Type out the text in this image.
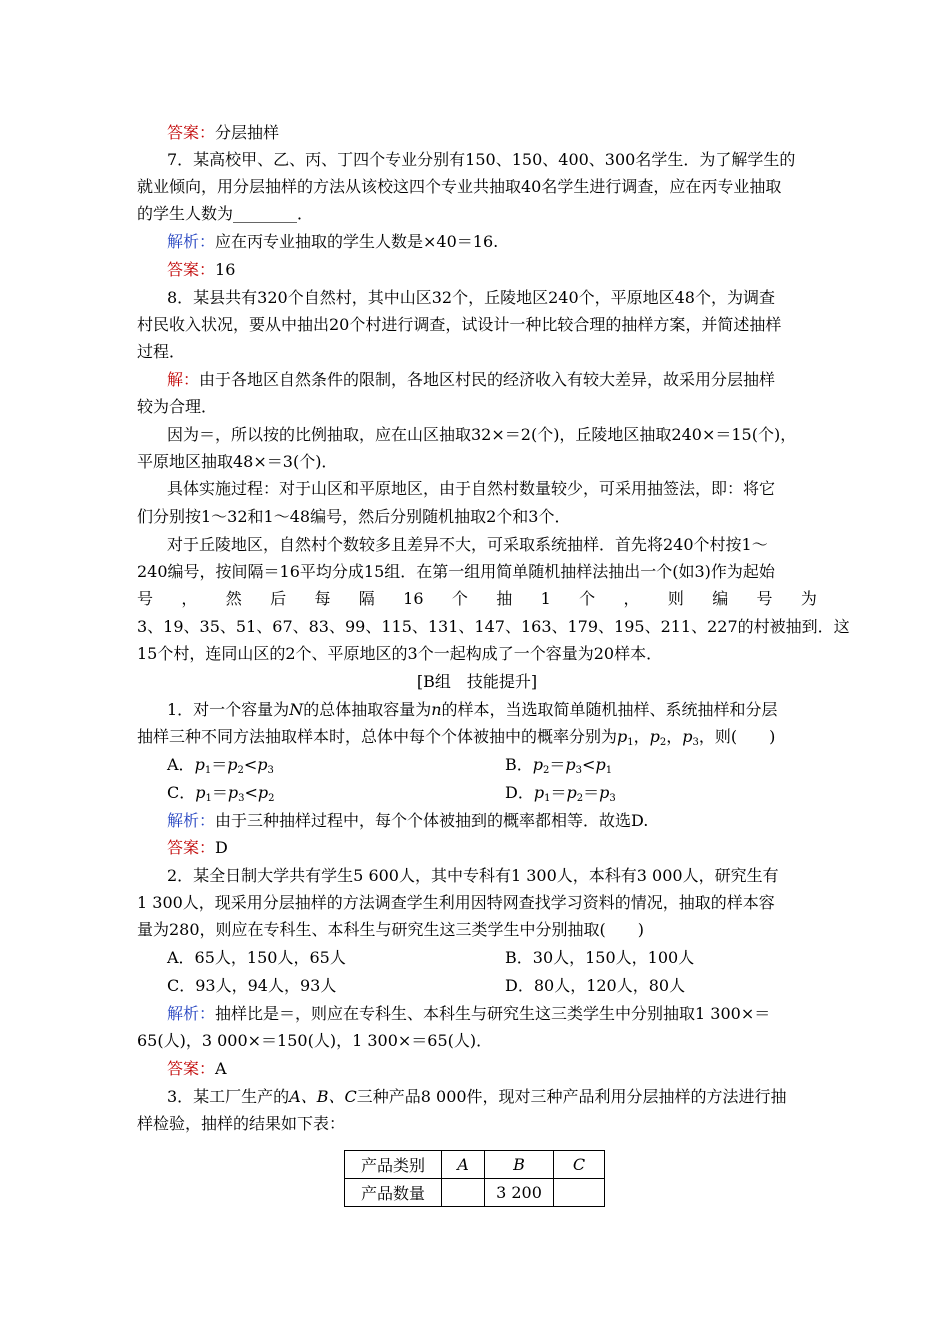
答案：分层抽样
7．某高校甲、乙、丙、丁四个专业分别有150、150、400、300名学生．为了解学生的
就业倾向，用分层抽样的方法从该校这四个专业共抽取40名学生进行调查，应在丙专业抽取
的学生人数为________．
解析：应在丙专业抽取的学生人数是×40＝16.
答案：16
8．某县共有320个自然村，其中山区32个，丘陵地区240个，平原地区48个，为调查
村民收入状况，要从中抽出20个村进行调查，试设计一种比较合理的抽样方案，并简述抽样
过程．
解：由于各地区自然条件的限制，各地区村民的经济收入有较大差异，故采用分层抽样
较为合理．
因为＝，所以按的比例抽取，应在山区抽取32×＝2(个)，丘陵地区抽取240×＝15(个)，
平原地区抽取48×＝3(个)．
具体实施过程：对于山区和平原地区，由于自然村数量较少，可采用抽签法，即：将它
们分别按1～32和1～48编号，然后分别随机抽取2个和3个．
对于丘陵地区，自然村个数较多且差异不大，可采取系统抽样．首先将240个村按1～
240编号，按间隔＝16平均分成15组．在第一组用简单随机抽样法抽出一个(如3)作为起始
号 ， 然 后 每 隔 16 个 抽 1 个 ， 则 编 号 为
3、19、35、51、67、83、99、115、131、147、163、179、195、211、227的村被抽到．这
15个村，连同山区的2个、平原地区的3个一起构成了一个容量为20样本．
[B组　技能提升]
1．对一个容量为N的总体抽取容量为n的样本，当选取简单随机抽样、系统抽样和分层
抽样三种不同方法抽取样本时，总体中每个个体被抽中的概率分别为$p_1$，$p_2$，$p_3$，则(　　)
A．$p_1=p_2<p_3$	B．$p_2=p_3<p_1$
C．$p_1=p_3<p_2$	D．$p_1=p_2=p_3$
解析：由于三种抽样过程中，每个个体被抽到的概率都相等．故选D.
答案：D
2．某全日制大学共有学生5 600人，其中专科有1 300人，本科有3 000人，研究生有
1 300人，现采用分层抽样的方法调查学生利用因特网查找学习资料的情况，抽取的样本容
量为280，则应在专科生、本科生与研究生这三类学生中分别抽取(　　)
A．65人，150人，65人	B．30人，150人，100人
C．93人，94人，93人	D．80人，120人，80人
解析：抽样比是＝，则应在专科生、本科生与研究生这三类学生中分别抽取1 300×＝
65(人)，3 000×＝150(人)，1 300×＝65(人)．
答案：A
3．某工厂生产的A、B、C三种产品8 000件，现对三种产品利用分层抽样的方法进行抽
样检验，抽样的结果如下表：
产品类别	A	B	C
产品数量		3 200	
